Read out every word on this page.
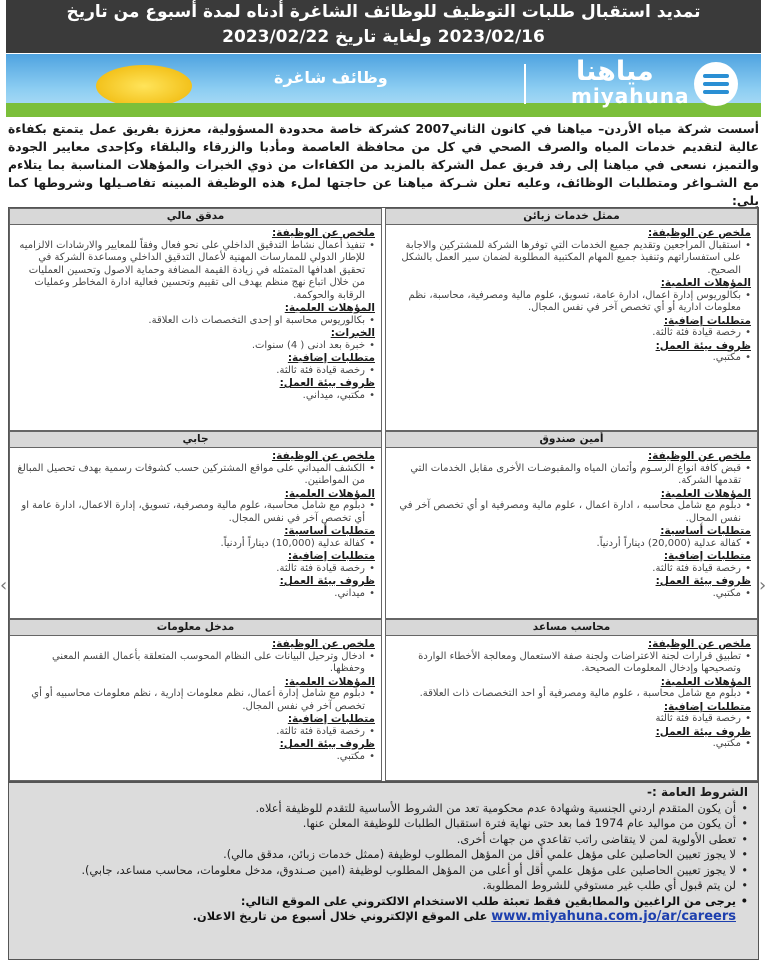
تمديد استقبال طلبات التوظيف للوظائف الشاغرة أدناه لمدة أسبوع من تاريخ
2023/02/16 ولغاية تاريخ 2023/02/22
وظائف شاغرة	مياهنا
miyahuna
أسست شركة مياه الأردن– مياهنا في كانون الثاني2007 كشركة خاصة محدودة المسؤولية، معززة بفريق عمل يتمتع بكفاءة عالية لتقديم خدمات المياه والصرف الصحي في كل من محافظة العاصمة ومأدبا والزرقاء والبلقاء وكإحدى معايير الجودة والتميز، نسعى في مياهنا إلى رفد فريق عمل الشركة بالمزيد من الكفاءات من ذوي الخبرات والمؤهلات المناسبة بما يتلاءم مع الشـواغر ومتطلبات الوظائف، وعليه تعلن شـركة مياهنا عن حاجتها لملء هذه الوظيفة المبينه تفاصـيلها وشروطها كما يلي:
ممثل خدمات زبائن
ملخص عن الوظيفة:
• استقبال المراجعين وتقديم جميع الخدمات التي توفرها الشركة للمشتركين والاجابة على استفساراتهم وتنفيذ جميع المهام المكتبية المطلوبة لضمان سير العمل بالشكل الصحيح.
المؤهلات العلمية:
• بكالوريوس إدارة اعمال، ادارة عامة، تسويق، علوم مالية ومصرفية، محاسبة، نظم معلومات ادارية أو أي تخصص آخر في نفس المجال.
متطلبات إضافية:
• رخصة قيادة فئة ثالثة.
ظروف بيئة العمل:
• مكتبي.
مدقق مالي
ملخص عن الوظيفة:
• تنفيذ أعمال نشاط التدقيق الداخلي على نحو فعال وفقاً للمعايير والارشادات الالزاميه للإطار الدولي للممارسات المهنية لأعمال التدقيق الداخلي ومساعدة الشركة في تحقيق اهدافها المتمثله في زيادة القيمة المضافة وحماية الاصول وتحسين العمليات من خلال اتباع نهج منظم يهدف الى تقييم وتحسين فعالية ادارة المخاطر وعمليات الرقابة والحوكمة.
المؤهلات العلمية:
• بكالوريوس محاسبة او إحدى التخصصات ذات العلاقة.
الخبرات:
• خبرة بعد ادنى ( 4) سنوات.
متطلبات إضافية:
• رخصة قيادة فئة ثالثة.
ظروف بيئة العمل:
• مكتبي، ميداني.
أمين صندوق
ملخص عن الوظيفة:
• قبض كافة انواع الرسـوم وأثمان المياه والمقبوضـات الأخرى مقابل الخدمات التي تقدمها الشركة.
المؤهلات العلمية:
• دبلوم مع شامل محاسبه ، ادارة اعمال ، علوم مالية ومصرفية او أي تخصص آخر في نفس المجال.
متطلبات أساسية:
• كفالة عدلية (20,000) ديناراً أردنياً.
متطلبات إضافية:
• رخصة قيادة فئة ثالثة.
ظروف بيئة العمل:
• مكتبي.
جابي
ملخص عن الوظيفة:
• الكشف الميداني على مواقع المشتركين حسب كشوفات رسمية بهدف تحصيل المبالغ من المواطنين.
المؤهلات العلمية:
• دبلوم مع شامل محاسبة، علوم مالية ومصرفية، تسويق، إدارة الاعمال، ادارة عامة او أي تخصص آخر في نفس المجال.
متطلبات أساسية:
• كفالة عدلية (10,000) ديناراً أردنياً.
متطلبات إضافية:
• رخصة قيادة فئة ثالثة.
ظروف بيئة العمل:
• ميداني.
محاسب مساعد
ملخص عن الوظيفة:
• تطبيق قرارات لجنة الاعتراضات ولجنة صفة الاستعمال ومعالجة الأخطاء الواردة وتصحيحها وإدخال المعلومات الصحيحة.
المؤهلات العلمية:
• دبلوم مع شامل محاسبة ، علوم مالية ومصرفية أو احد التخصصات ذات العلاقة.
متطلبات إضافية:
• رخصة قيادة فئة ثالثة
ظروف بيئة العمل:
• مكتبي.
مدخل معلومات
ملخص عن الوظيفة:
• ادخال وترحيل البيانات على النظام المحوسب المتعلقة بأعمال القسم المعني وحفظها.
المؤهلات العلمية:
• دبلوم مع شامل إدارة أعمال، نظم معلومات إدارية ، نظم معلومات محاسبيه أو أي تخصص آخر في نفس المجال.
متطلبات إضافية:
• رخصة قيادة فئة ثالثة.
ظروف بيئة العمل:
• مكتبي.
الشروط العامة :-
• أن يكون المتقدم اردني الجنسية وشهادة عدم محكومية تعد من الشروط الأساسية للتقدم للوظيفة أعلاه.
• أن يكون من مواليد عام 1974 فما بعد حتى نهاية فترة استقبال الطلبات للوظيفة المعلن عنها.
• تعطى الأولوية لمن لا يتقاضى راتب تقاعدي من جهات أخرى.
• لا يجوز تعيين الحاصلين على مؤهل علمي أقل من المؤهل المطلوب لوظيفة (ممثل خدمات زبائن، مدقق مالي).
• لا يجوز تعيين الحاصلين على مؤهل علمي أقل أو أعلى من المؤهل المطلوب لوظيفة (امين صـندوق، مدخل معلومات، محاسب مساعد، جابي).
• لن يتم قبول أي طلب غير مستوفي للشروط المطلوبة.
• يرجى من الراغبين والمطابقين فقط تعبئة طلب الاستخدام الالكتروني على الموقع التالي: www.miyahuna.com.jo/ar/careers على الموقع الإلكتروني خلال أسبوع من تاريخ الاعلان.
‹	›
